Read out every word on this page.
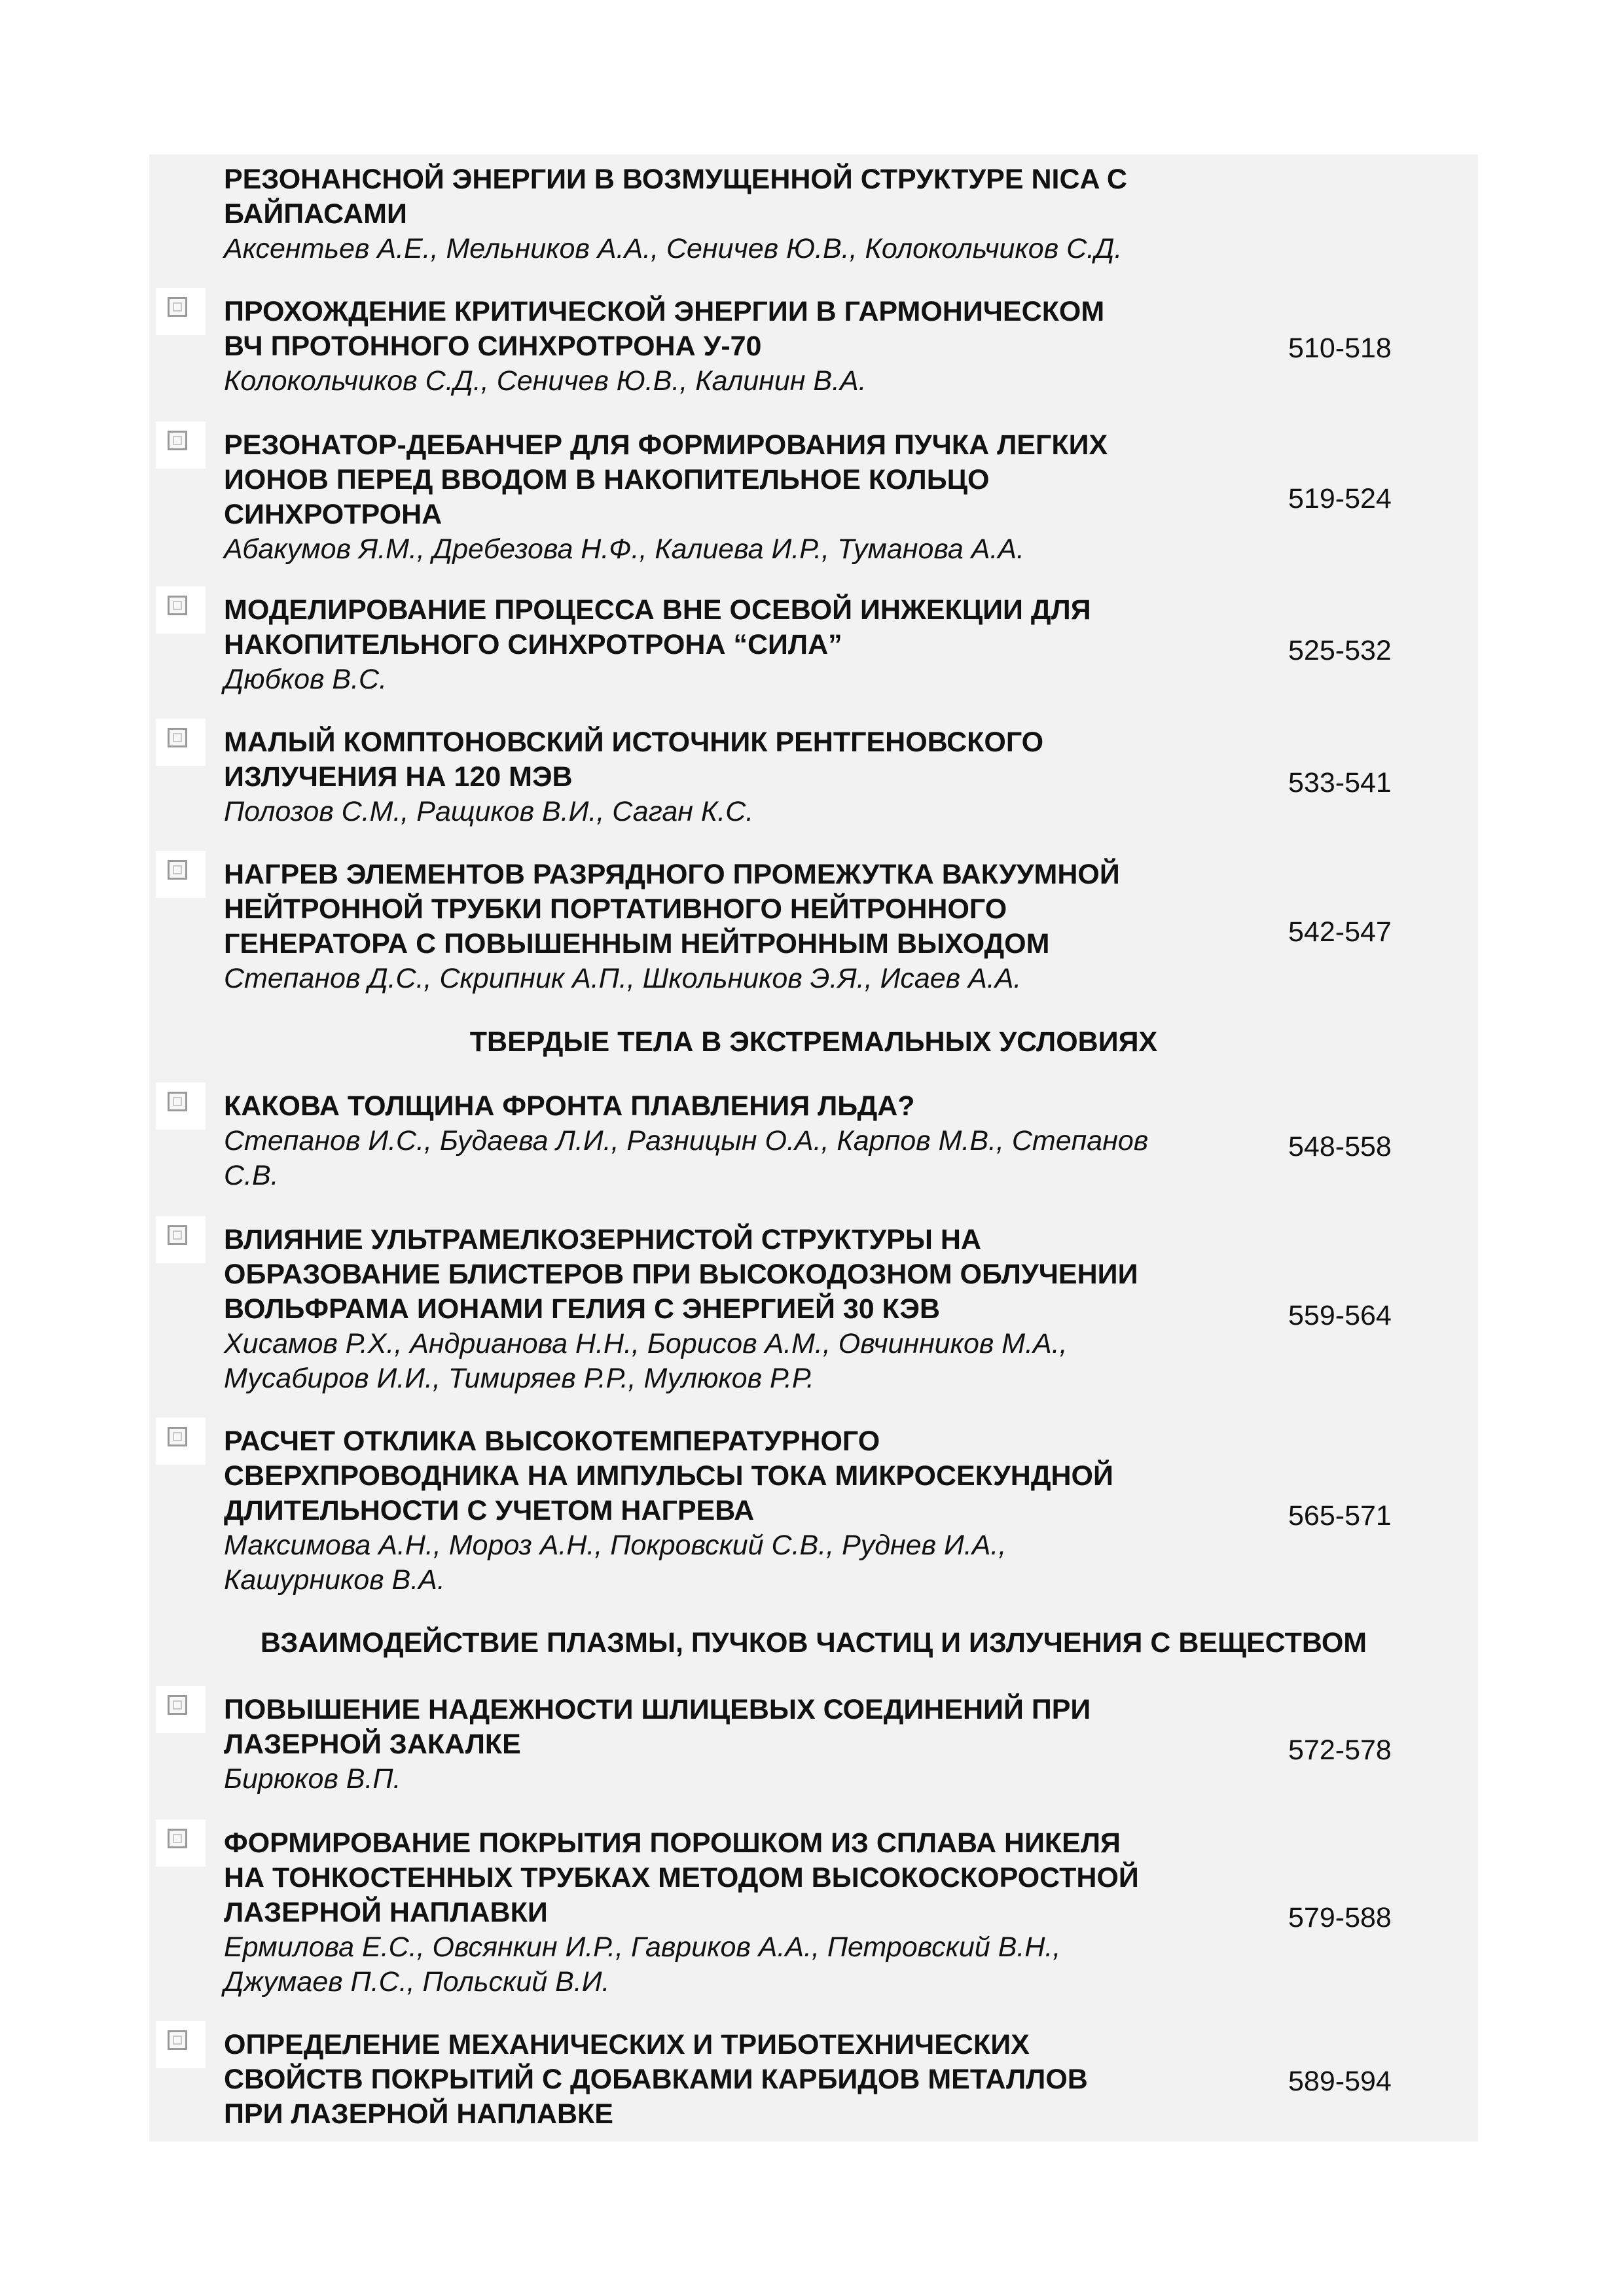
РЕЗОНАНСНОЙ ЭНЕРГИИ В ВОЗМУЩЕННОЙ СТРУКТУРЕ NICA С
БАЙПАСАМИ
Аксентьев А.Е., Мельников А.А., Сеничев Ю.В., Колокольчиков С.Д.
ПРОХОЖДЕНИЕ КРИТИЧЕСКОЙ ЭНЕРГИИ В ГАРМОНИЧЕСКОМ
ВЧ ПРОТОННОГО СИНХРОТРОНА У-70
Колокольчиков С.Д., Сеничев Ю.В., Калинин В.А.
510-518
РЕЗОНАТОР-ДЕБАНЧЕР ДЛЯ ФОРМИРОВАНИЯ ПУЧКА ЛЕГКИХ
ИОНОВ ПЕРЕД ВВОДОМ В НАКОПИТЕЛЬНОЕ КОЛЬЦО
СИНХРОТРОНА
Абакумов Я.М., Дребезова Н.Ф., Калиева И.Р., Туманова А.А.
519-524
МОДЕЛИРОВАНИЕ ПРОЦЕССА ВНЕ ОСЕВОЙ ИНЖЕКЦИИ ДЛЯ
НАКОПИТЕЛЬНОГО СИНХРОТРОНА “СИЛА”
Дюбков В.С.
525-532
МАЛЫЙ КОМПТОНОВСКИЙ ИСТОЧНИК РЕНТГЕНОВСКОГО
ИЗЛУЧЕНИЯ НА 120 МЭВ
Полозов С.М., Ращиков В.И., Саган К.С.
533-541
НАГРЕВ ЭЛЕМЕНТОВ РАЗРЯДНОГО ПРОМЕЖУТКА ВАКУУМНОЙ
НЕЙТРОННОЙ ТРУБКИ ПОРТАТИВНОГО НЕЙТРОННОГО
ГЕНЕРАТОРА С ПОВЫШЕННЫМ НЕЙТРОННЫМ ВЫХОДОМ
Степанов Д.С., Скрипник А.П., Школьников Э.Я., Исаев А.А.
542-547
ТВЕРДЫЕ ТЕЛА В ЭКСТРЕМАЛЬНЫХ УСЛОВИЯХ
КАКОВА ТОЛЩИНА ФРОНТА ПЛАВЛЕНИЯ ЛЬДА?
Степанов И.С., Будаева Л.И., Разницын О.А., Карпов М.В., Степанов
С.В.
548-558
ВЛИЯНИЕ УЛЬТРАМЕЛКОЗЕРНИСТОЙ СТРУКТУРЫ НА
ОБРАЗОВАНИЕ БЛИСТЕРОВ ПРИ ВЫСОКОДОЗНОМ ОБЛУЧЕНИИ
ВОЛЬФРАМА ИОНАМИ ГЕЛИЯ С ЭНЕРГИЕЙ 30 КЭВ
Хисамов Р.Х., Андрианова Н.Н., Борисов А.М., Овчинников М.А.,
Мусабиров И.И., Тимиряев Р.Р., Мулюков Р.Р.
559-564
РАСЧЕТ ОТКЛИКА ВЫСОКОТЕМПЕРАТУРНОГО
СВЕРХПРОВОДНИКА НА ИМПУЛЬСЫ ТОКА МИКРОСЕКУНДНОЙ
ДЛИТЕЛЬНОСТИ С УЧЕТОМ НАГРЕВА
Максимова А.Н., Мороз А.Н., Покровский С.В., Руднев И.А.,
Кашурников В.А.
565-571
ВЗАИМОДЕЙСТВИЕ ПЛАЗМЫ, ПУЧКОВ ЧАСТИЦ И ИЗЛУЧЕНИЯ С ВЕЩЕСТВОМ
ПОВЫШЕНИЕ НАДЕЖНОСТИ ШЛИЦЕВЫХ СОЕДИНЕНИЙ ПРИ
ЛАЗЕРНОЙ ЗАКАЛКЕ
Бирюков В.П.
572-578
ФОРМИРОВАНИЕ ПОКРЫТИЯ ПОРОШКОМ ИЗ СПЛАВА НИКЕЛЯ
НА ТОНКОСТЕННЫХ ТРУБКАХ МЕТОДОМ ВЫСОКОСКОРОСТНОЙ
ЛАЗЕРНОЙ НАПЛАВКИ
Ермилова Е.С., Овсянкин И.Р., Гавриков А.А., Петровский В.Н.,
Джумаев П.С., Польский В.И.
579-588
ОПРЕДЕЛЕНИЕ МЕХАНИЧЕСКИХ И ТРИБОТЕХНИЧЕСКИХ
СВОЙСТВ ПОКРЫТИЙ С ДОБАВКАМИ КАРБИДОВ МЕТАЛЛОВ
ПРИ ЛАЗЕРНОЙ НАПЛАВКЕ
589-594
